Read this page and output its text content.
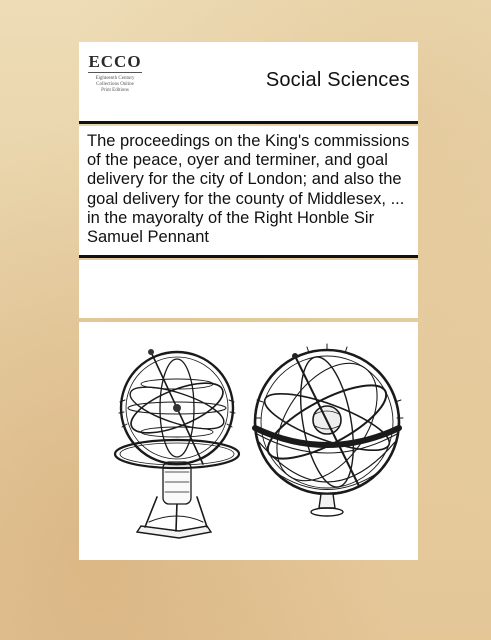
ECCO
Eighteenth Century
Collections Online
Print Editions	Social Sciences
The proceedings on the King's commissions of the peace, oyer and terminer, and goal delivery for the city of London; and also the goal delivery for the county of Middlesex, ... in the mayoralty of the Right Honble Sir Samuel Pennant
